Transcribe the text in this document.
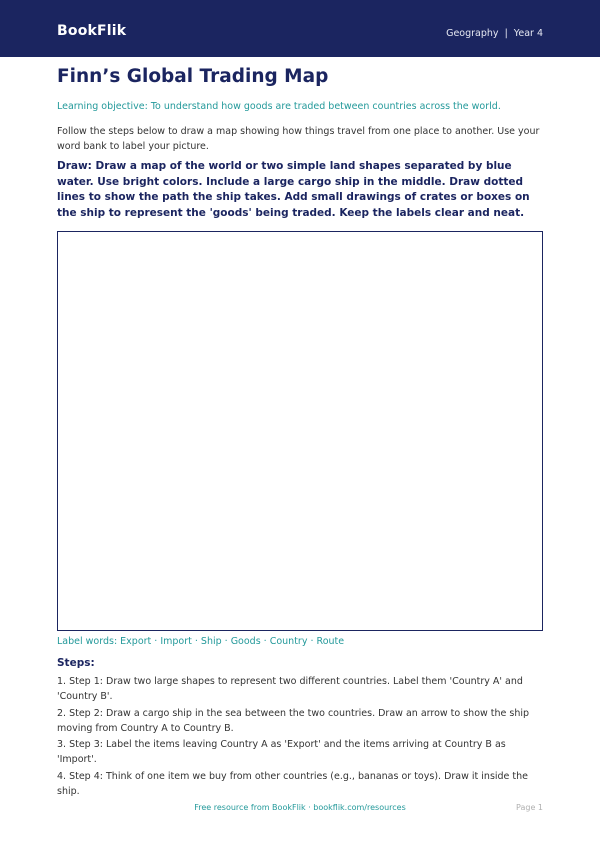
BookFlik	Geography  |  Year 4
Finn’s Global Trading Map
Learning objective: To understand how goods are traded between countries across the world.
Follow the steps below to draw a map showing how things travel from one place to another. Use your word bank to label your picture.
Draw: Draw a map of the world or two simple land shapes separated by blue water. Use bright colors. Include a large cargo ship in the middle. Draw dotted lines to show the path the ship takes. Add small drawings of crates or boxes on the ship to represent the 'goods' being traded. Keep the labels clear and neat.
Label words: Export · Import · Ship · Goods · Country · Route
Steps:
1. Step 1: Draw two large shapes to represent two different countries. Label them 'Country A' and 'Country B'.
2. Step 2: Draw a cargo ship in the sea between the two countries. Draw an arrow to show the ship moving from Country A to Country B.
3. Step 3: Label the items leaving Country A as 'Export' and the items arriving at Country B as 'Import'.
4. Step 4: Think of one item we buy from other countries (e.g., bananas or toys). Draw it inside the ship.
Free resource from BookFlik · bookflik.com/resources	Page 1
